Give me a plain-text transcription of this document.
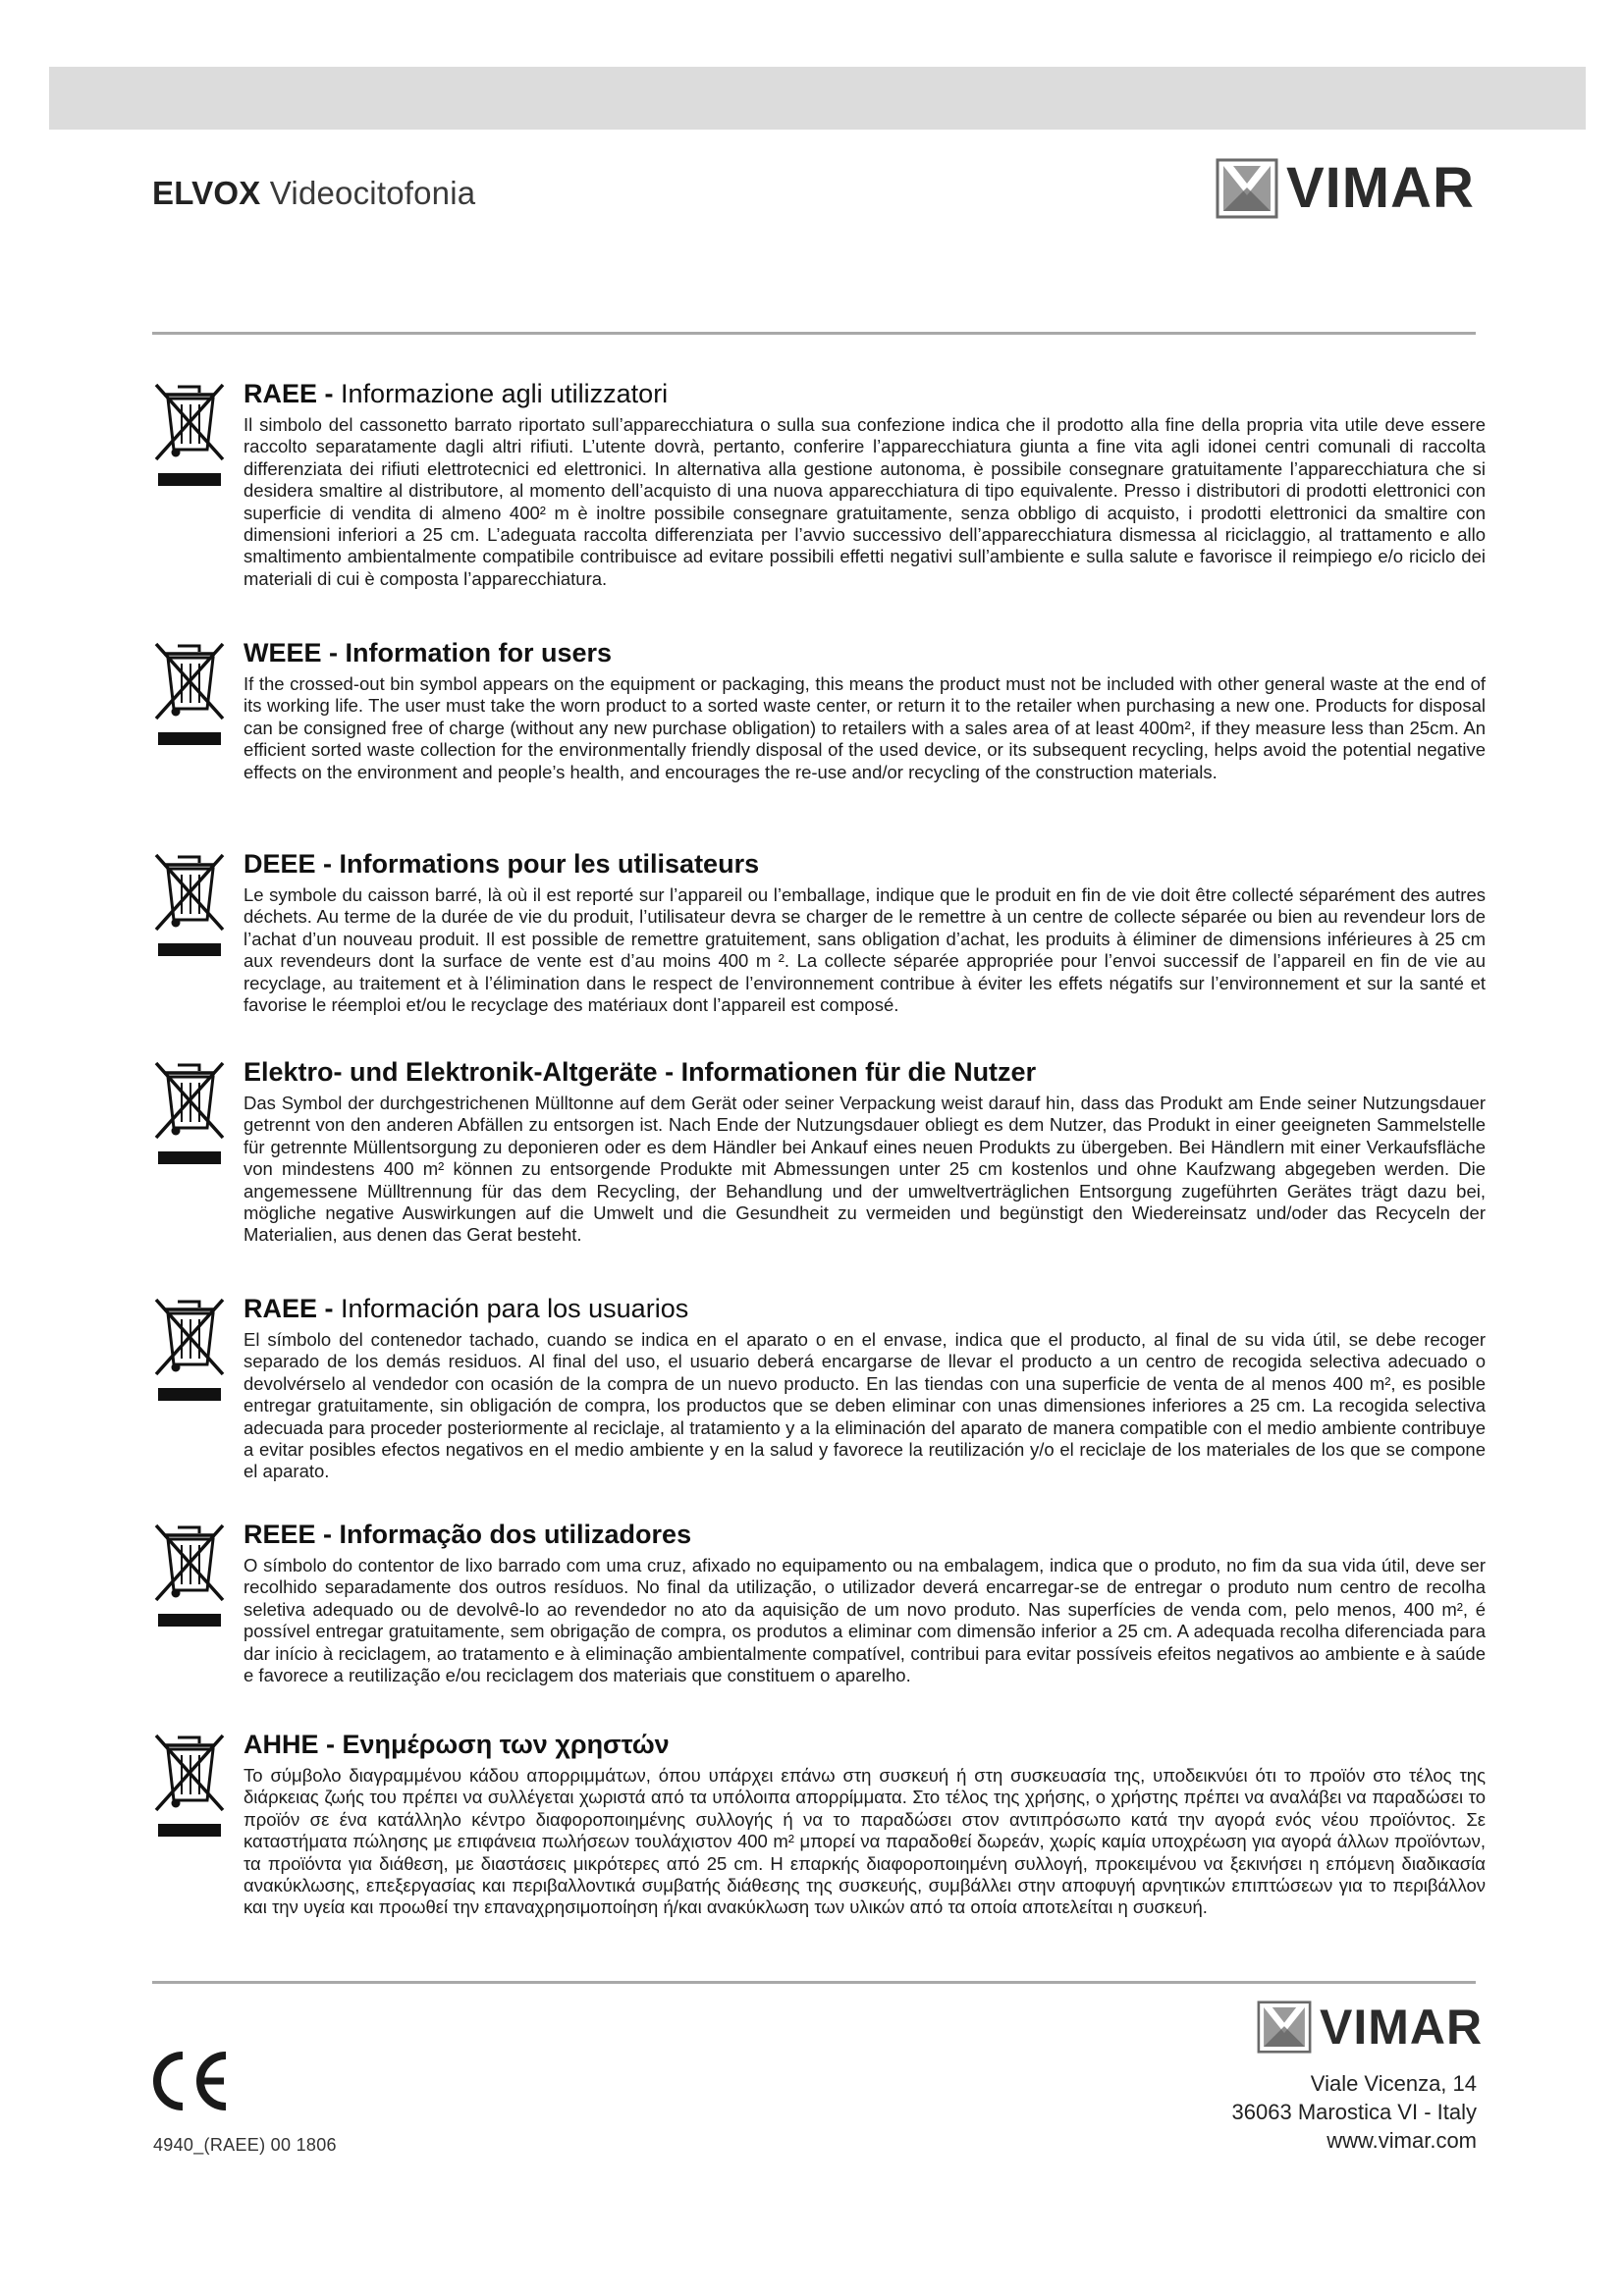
ELVOX Videocitofonia	VIMAR
RAEE - Informazione agli utilizzatori

Il simbolo del cassonetto barrato riportato sull’apparecchiatura o sulla sua confezione indica che il prodotto alla fine della propria vita utile deve essere raccolto separatamente dagli altri rifiuti. L’utente dovrà, pertanto, conferire l’apparecchiatura giunta a fine vita agli idonei centri comunali di raccolta differenziata dei rifiuti elettrotecnici ed elettronici. In alternativa alla gestione autonoma, è possibile consegnare gratuitamente l’apparecchiatura che si desidera smaltire al distributore, al momento dell’acquisto di una nuova apparecchiatura di tipo equivalente. Presso i distributori di prodotti elettronici con superficie di vendita di almeno 400² m è inoltre possibile consegnare gratuitamente, senza obbligo di acquisto, i prodotti elettronici da smaltire con dimensioni inferiori a 25 cm. L’adeguata raccolta differenziata per l’avvio successivo dell’apparecchiatura dismessa al riciclaggio, al trattamento e allo smaltimento ambientalmente compatibile contribuisce ad evitare possibili effetti negativi sull’ambiente e sulla salute e favorisce il reimpiego e/o riciclo dei materiali di cui è composta l’apparecchiatura.

WEEE - Information for users

If the crossed-out bin symbol appears on the equipment or packaging, this means the product must not be included with other general waste at the end of its working life. The user must take the worn product to a sorted waste center, or return it to the retailer when purchasing a new one. Products for disposal can be consigned free of charge (without any new purchase obligation) to retailers with a sales area of at least 400m², if they measure less than 25cm. An efficient sorted waste collection for the environmentally friendly disposal of the used device, or its subsequent recycling, helps avoid the potential negative effects on the environment and people’s health, and encourages the re-use and/or recycling of the construction materials.

DEEE - Informations pour les utilisateurs

Le symbole du caisson barré, là où il est reporté sur l’appareil ou l’emballage, indique que le produit en fin de vie doit être collecté séparément des autres déchets. Au terme de la durée de vie du produit, l’utilisateur devra se charger de le remettre à un centre de collecte séparée ou bien au revendeur lors de l’achat d’un nouveau produit. Il est possible de remettre gratuitement, sans obligation d’achat, les produits à éliminer de dimensions inférieures à 25 cm aux revendeurs dont la surface de vente est d’au moins 400 m ². La collecte séparée appropriée pour l’envoi successif de l’appareil en fin de vie au recyclage, au traitement et à l’élimination dans le respect de l’environnement contribue à éviter les effets négatifs sur l’environnement et sur la santé et favorise le réemploi et/ou le recyclage des matériaux dont l’appareil est composé.

Elektro- und Elektronik-Altgeräte - Informationen für die Nutzer

Das Symbol der durchgestrichenen Mülltonne auf dem Gerät oder seiner Verpackung weist darauf hin, dass das Produkt am Ende seiner Nutzungsdauer getrennt von den anderen Abfällen zu entsorgen ist. Nach Ende der Nutzungsdauer obliegt es dem Nutzer, das Produkt in einer geeigneten Sammelstelle für getrennte Müllentsorgung zu deponieren oder es dem Händler bei Ankauf eines neuen Produkts zu übergeben. Bei Händlern mit einer Verkaufsfläche von mindestens 400 m² können zu entsorgende Produkte mit Abmessungen unter 25 cm kostenlos und ohne Kaufzwang abgegeben werden. Die angemessene Mülltrennung für das dem Recycling, der Behandlung und der umweltverträglichen Entsorgung zugeführten Gerätes trägt dazu bei, mögliche negative Auswirkungen auf die Umwelt und die Gesundheit zu vermeiden und begünstigt den Wiedereinsatz und/oder das Recyceln der Materialien, aus denen das Gerat besteht.

RAEE - Información para los usuarios

El símbolo del contenedor tachado, cuando se indica en el aparato o en el envase, indica que el producto, al final de su vida útil, se debe recoger separado de los demás residuos. Al final del uso, el usuario deberá encargarse de llevar el producto a un centro de recogida selectiva adecuado o devolvérselo al vendedor con ocasión de la compra de un nuevo producto. En las tiendas con una superficie de venta de al menos 400 m², es posible entregar gratuitamente, sin obligación de compra, los productos que se deben eliminar con unas dimensiones inferiores a 25 cm. La recogida selectiva adecuada para proceder posteriormente al reciclaje, al tratamiento y a la eliminación del aparato de manera compatible con el medio ambiente contribuye a evitar posibles efectos negativos en el medio ambiente y en la salud y favorece la reutilización y/o el reciclaje de los materiales de los que se compone el aparato.

REEE - Informação dos utilizadores

O símbolo do contentor de lixo barrado com uma cruz, afixado no equipamento ou na embalagem, indica que o produto, no fim da sua vida útil, deve ser recolhido separadamente dos outros resíduos. No final da utilização, o utilizador deverá encarregar-se de entregar o produto num centro de recolha seletiva adequado ou de devolvê-lo ao revendedor no ato da aquisição de um novo produto. Nas superfícies de venda com, pelo menos, 400 m², é possível entregar gratuitamente, sem obrigação de compra, os produtos a eliminar com dimensão inferior a 25 cm. A adequada recolha diferenciada para dar início à reciclagem, ao tratamento e à eliminação ambientalmente compatível, contribui para evitar possíveis efeitos negativos ao ambiente e à saúde e favorece a reutilização e/ou reciclagem dos materiais que constituem o aparelho.

ΑΗΗΕ - Ενημέρωση των χρηστών

Το σύμβολο διαγραμμένου κάδου απορριμμάτων, όπου υπάρχει επάνω στη συσκευή ή στη συσκευασία της, υποδεικνύει ότι το προϊόν στο τέλος της διάρκειας ζωής του πρέπει να συλλέγεται χωριστά από τα υπόλοιπα απορρίμματα. Στο τέλος της χρήσης, ο χρήστης πρέπει να αναλάβει να παραδώσει το προϊόν σε ένα κατάλληλο κέντρο διαφοροποιημένης συλλογής ή να το παραδώσει στον αντιπρόσωπο κατά την αγορά ενός νέου προϊόντος. Σε καταστήματα πώλησης με επιφάνεια πωλήσεων τουλάχιστον 400 m² μπορεί να παραδοθεί δωρεάν, χωρίς καμία υποχρέωση για αγορά άλλων προϊόντων, τα προϊόντα για διάθεση, με διαστάσεις μικρότερες από 25 cm. Η επαρκής διαφοροποιημένη συλλογή, προκειμένου να ξεκινήσει η επόμενη διαδικασία ανακύκλωσης, επεξεργασίας και περιβαλλοντικά συμβατής διάθεσης της συσκευής, συμβάλλει στην αποφυγή αρνητικών επιπτώσεων για το περιβάλλον και την υγεία και προωθεί την επαναχρησιμοποίηση ή/και ανακύκλωση των υλικών από τα οποία αποτελείται η συσκευή.

4940_(RAEE) 00 1806
VIMAR
Viale Vicenza, 14
36063 Marostica VI - Italy
www.vimar.com
